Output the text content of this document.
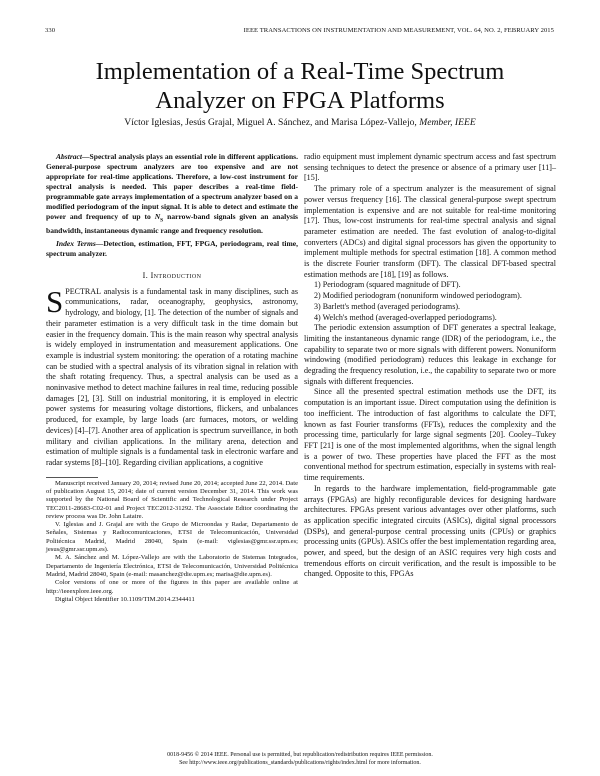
330	IEEE TRANSACTIONS ON INSTRUMENTATION AND MEASUREMENT, VOL. 64, NO. 2, FEBRUARY 2015
Implementation of a Real-Time Spectrum
Analyzer on FPGA Platforms
Víctor Iglesias, Jesús Grajal, Miguel A. Sánchez, and Marisa López-Vallejo, Member, IEEE

Abstract—Spectral analysis plays an essential role in different applications. General-purpose spectrum analyzers are too expensive and are not appropriate for real-time applications. Therefore, a low-cost instrument for spectral analysis is needed. This paper describes a real-time field-programmable gate arrays implementation of a spectrum analyzer based on a modified periodogram of the input signal. It is able to detect and estimate the power and frequency of up to $N_S$ narrow-band signals given an analysis bandwidth, instantaneous dynamic range and frequency resolution.

Index Terms—Detection, estimation, FFT, FPGA, periodogram, real time, spectrum analyzer.

I. Introduction

SPECTRAL analysis is a fundamental task in many disciplines, such as communications, radar, oceanography, geophysics, astronomy, hydrology, and biology, [1]. The detection of the number of signals and their parameter estimation is a very difficult task in the time domain but easier in the frequency domain. This is the main reason why spectral analysis is widely employed in instrumentation and measurement applications. One example is industrial system monitoring: the operation of a rotating machine can be studied with a spectral analysis of its vibration signal in relation with the shaft rotating frequency. Thus, a spectral analysis can be used as a noninvasive method to detect machine failures in real time, reducing possible damages [2], [3]. Still on industrial monitoring, it is employed in electric power systems for measuring voltage distortions, flickers, and unbalances produced, for example, by large loads (arc furnaces, motors, or welding devices) [4]–[7]. Another area of application is spectrum surveillance, in both military and civilian applications. In the military arena, detection and estimation of multiple signals is a fundamental task in electronic warfare and radar systems [8]–[10]. Regarding civilian applications, a cognitive

Manuscript received January 20, 2014; revised June 20, 2014; accepted June 22, 2014. Date of publication August 15, 2014; date of current version December 31, 2014. This work was supported by the National Board of Scientific and Technological Research under Project TEC2011-28683-C02-01 and Project TEC2012-31292. The Associate Editor coordinating the review process was Dr. John Lataire.

V. Iglesias and J. Grajal are with the Grupo de Microondas y Radar, Departamento de Señales, Sistemas y Radiocomunicaciones, ETSI de Telecomunicación, Universidad Politécnica Madrid, Madrid 28040, Spain (e-mail: viglesias@gmr.ssr.upm.es; jesus@gmr.ssr.upm.es).

M. A. Sánchez and M. López-Vallejo are with the Laboratorio de Sistemas Integrados, Departamento de Ingeniería Electrónica, ETSI de Telecomunicación, Universidad Politécnica Madrid, Madrid 28040, Spain (e-mail: masanchez@die.upm.es; marisa@die.upm.es).

Color versions of one or more of the figures in this paper are available online at http://ieeexplore.ieee.org.

Digital Object Identifier 10.1109/TIM.2014.2344411

radio equipment must implement dynamic spectrum access and fast spectrum sensing techniques to detect the presence or absence of a primary user [11]–[15].

The primary role of a spectrum analyzer is the measurement of signal power versus frequency [16]. The classical general-purpose swept spectrum implementation is expensive and are not suitable for real-time monitoring [17]. Thus, low-cost instruments for real-time spectral analysis and signal parameter estimation are needed. The fast evolution of analog-to-digital converters (ADCs) and digital signal processors has given the opportunity to implement multiple methods for spectral estimation [18]. A common method is the discrete Fourier transform (DFT). The classical DFT-based spectral estimation methods are [18], [19] as follows.

1) Periodogram (squared magnitude of DFT).
2) Modified periodogram (nonuniform windowed periodogram).
3) Barlett's method (averaged periodograms).
4) Welch's method (averaged-overlapped periodograms).

The periodic extension assumption of DFT generates a spectral leakage, limiting the instantaneous dynamic range (IDR) of the periodogram, i.e., the capability to separate two or more signals with different powers. Nonuniform windowing (modified periodogram) reduces this leakage in exchange for degrading the frequency resolution, i.e., the capability to separate two or more signals with different frequencies.

Since all the presented spectral estimation methods use the DFT, its computation is an important issue. Direct computation using the definition is too inefficient. The introduction of fast algorithms to calculate the DFT, known as fast Fourier transforms (FFTs), reduces the complexity and the processing time, particularly for large signal segments [20]. Cooley–Tukey FFT [21] is one of the most implemented algorithms, when the signal length is a power of two. These properties have placed the FFT as the most conventional method for spectrum estimation, especially in systems with real-time requirements.

In regards to the hardware implementation, field-programmable gate arrays (FPGAs) are highly reconfigurable devices for designing hardware architectures. FPGAs present various advantages over other platforms, such as application specific integrated circuits (ASICs), digital signal processors (DSPs), and general-purpose central processing units (CPUs) or graphics processing units (GPUs). ASICs offer the best implementation regarding area, power, and speed, but the design of an ASIC requires very high costs and tremendous efforts on circuit verification, and the result is impossible to be changed. Opposite to this, FPGAs

0018-9456 © 2014 IEEE. Personal use is permitted, but republication/redistribution requires IEEE permission.
See http://www.ieee.org/publications_standards/publications/rights/index.html for more information.
